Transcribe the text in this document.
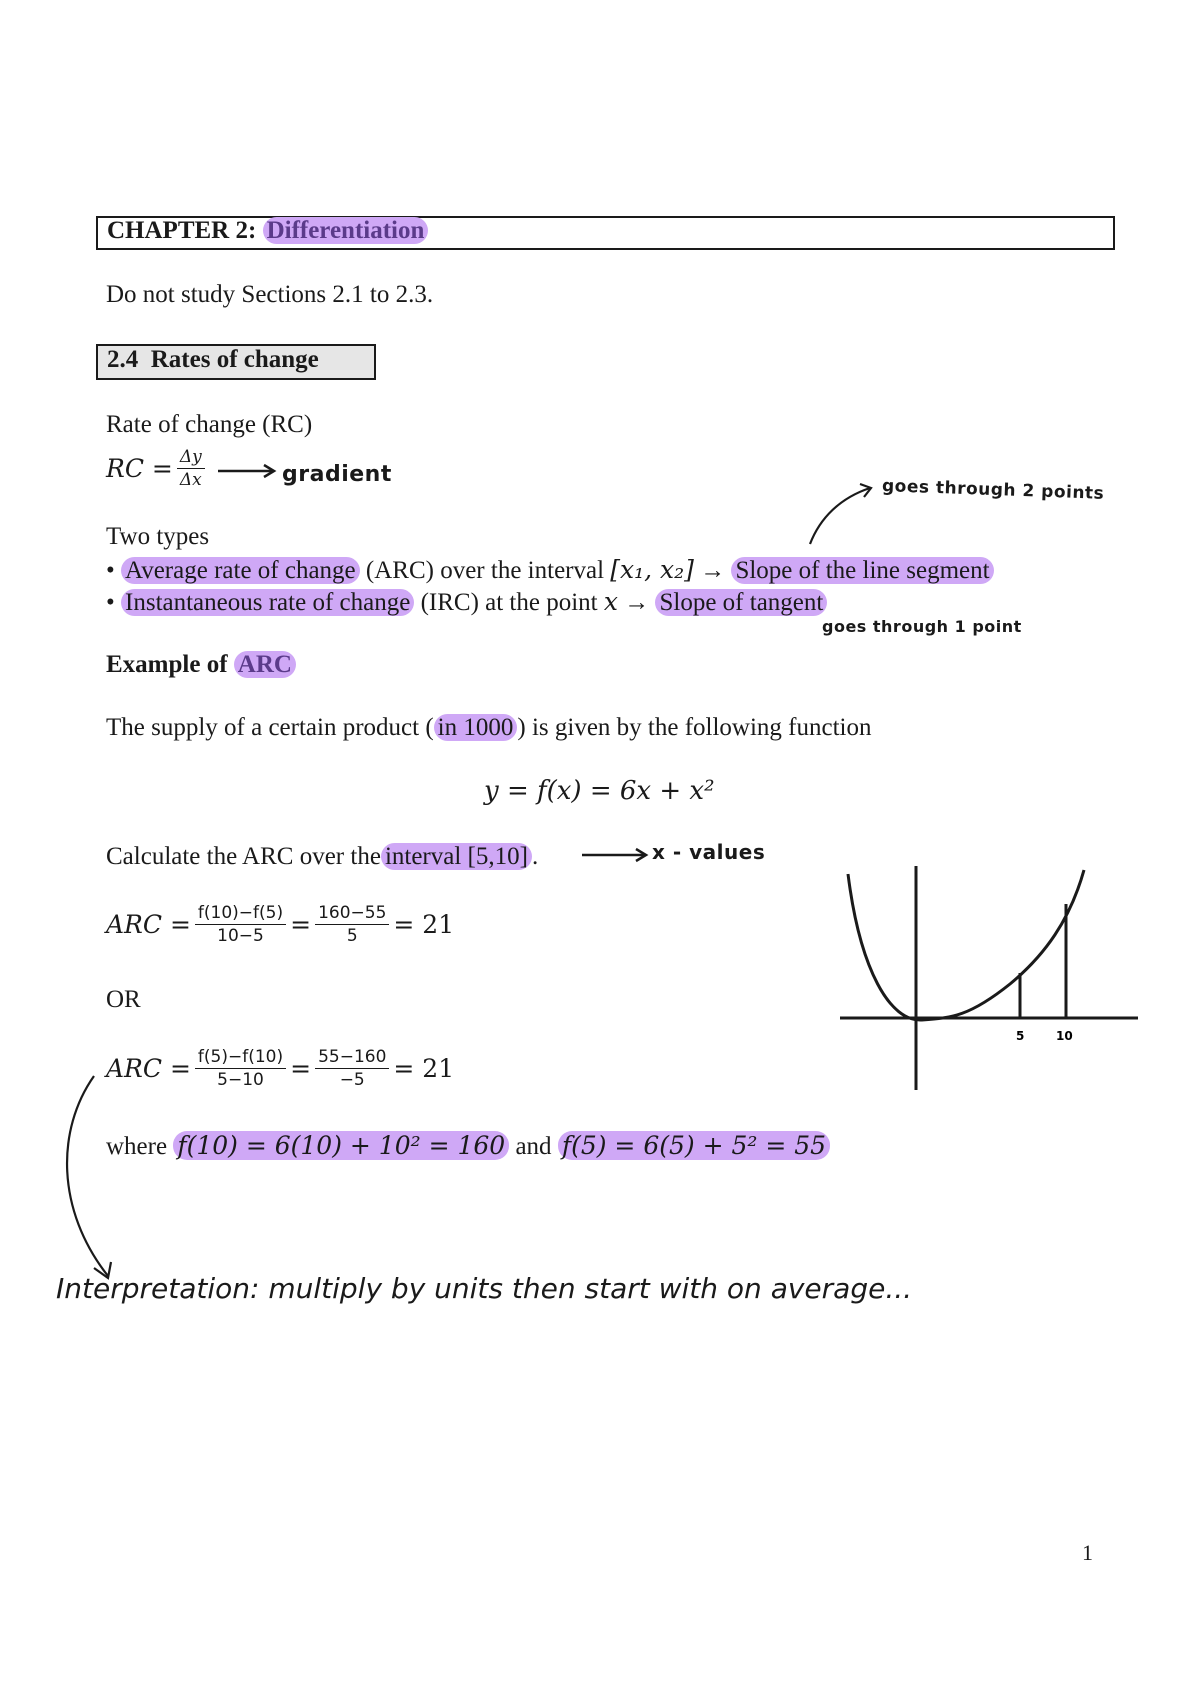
CHAPTER 2: Differentiation
Do not study Sections 2.1 to 2.3.
2.4 Rates of change
Rate of change (RC)
RC = $\frac{\Delta y}{\Delta x}$	gradient
goes through 2 points
Two types
• Average rate of change (ARC) over the interval [x₁, x₂] → Slope of the line segment
• Instantaneous rate of change (IRC) at the point x → Slope of tangent
goes through 1 point
Example of ARC
The supply of a certain product ( in 1000 ) is given by the following function
y = f(x) = 6x + x²
Calculate the ARC over the interval [5,10] .	x - values
ARC = $\frac{f(10)-f(5)}{10-5} = \frac{160-55}{5} = 21$
OR
ARC = $\frac{f(5)-f(10)}{5-10} = \frac{55-160}{-5} = 21$
where f(10) = 6(10) + 10² = 160 and f(5) = 6(5) + 5² = 55
Interpretation: multiply by units then start with on average...
5	10
1
